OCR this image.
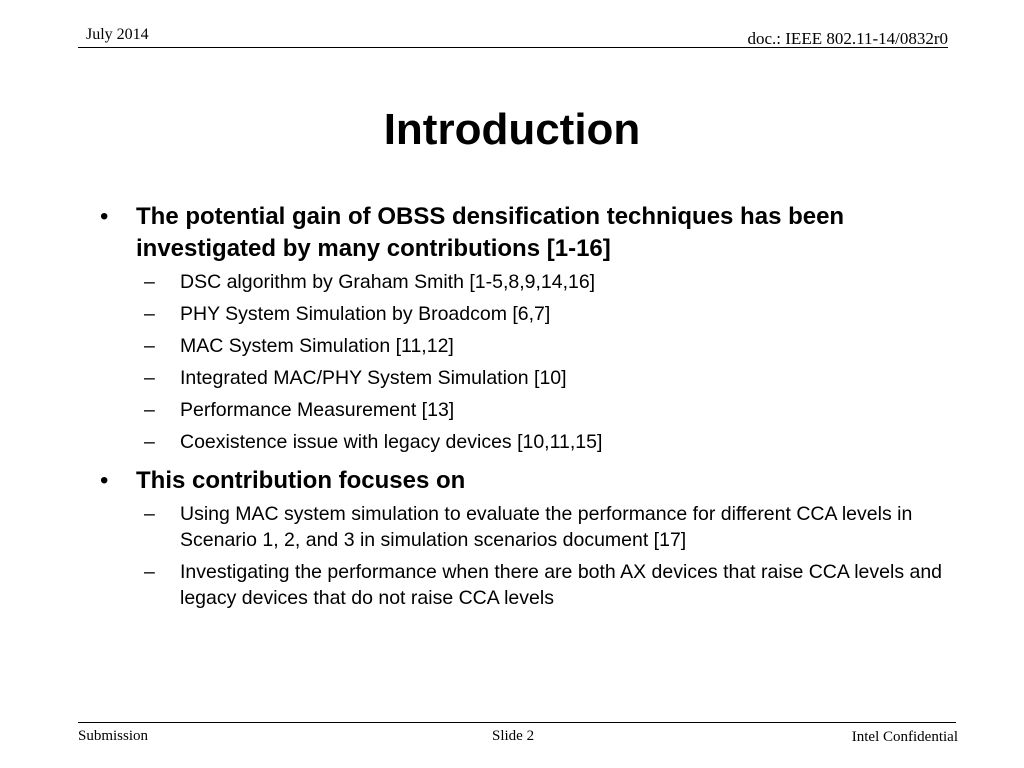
July 2014	doc.: IEEE 802.11-14/0832r0
Introduction
• The potential gain of OBSS densification techniques has been investigated by many contributions [1-16]
– DSC algorithm by Graham Smith [1-5,8,9,14,16]
– PHY System Simulation by Broadcom [6,7]
– MAC System Simulation [11,12]
– Integrated MAC/PHY System Simulation [10]
– Performance Measurement [13]
– Coexistence issue with legacy devices [10,11,15]
• This contribution focuses on
– Using MAC system simulation to evaluate the performance for different CCA levels in Scenario 1, 2, and 3 in simulation scenarios document [17]
– Investigating the performance when there are both AX devices that raise CCA levels and legacy devices that do not raise CCA levels
Submission	Slide 2	Intel Confidential
